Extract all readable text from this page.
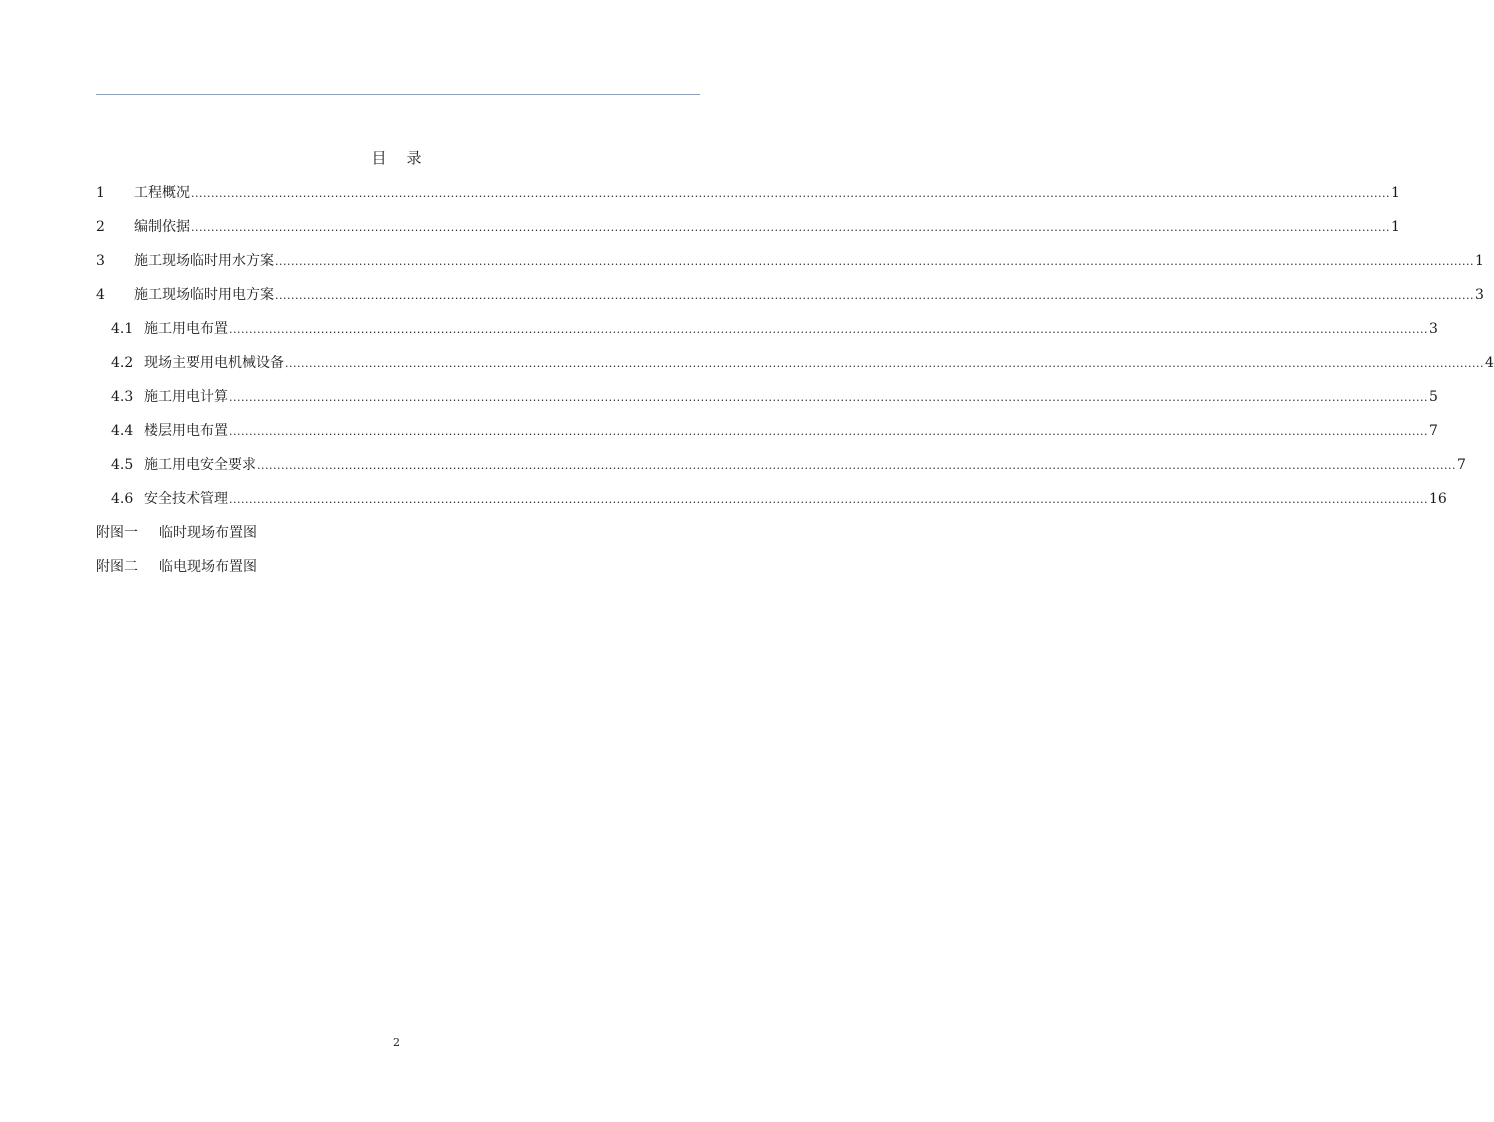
目 录
1	工程概况 ............................................................................................................................................................................................................................................................................................................ 1
2	编制依据 ............................................................................................................................................................................................................................................................................................................ 1
3	施工现场临时用水方案 ............................................................................................................................................................................................................................................................................................................ 1
4	施工现场临时用电方案 ............................................................................................................................................................................................................................................................................................................ 3
4.1 施工用电布置 ............................................................................................................................................................................................................................................................................................................ 3
4.2 现场主要用电机械设备 ............................................................................................................................................................................................................................................................................................................ 4
4.3 施工用电计算 ............................................................................................................................................................................................................................................................................................................ 5
4.4 楼层用电布置 ............................................................................................................................................................................................................................................................................................................ 7
4.5 施工用电安全要求 ............................................................................................................................................................................................................................................................................................................ 7
4.6 安全技术管理 ............................................................................................................................................................................................................................................................................................................ 16
附图一	临时现场布置图
附图二	临电现场布置图
2
